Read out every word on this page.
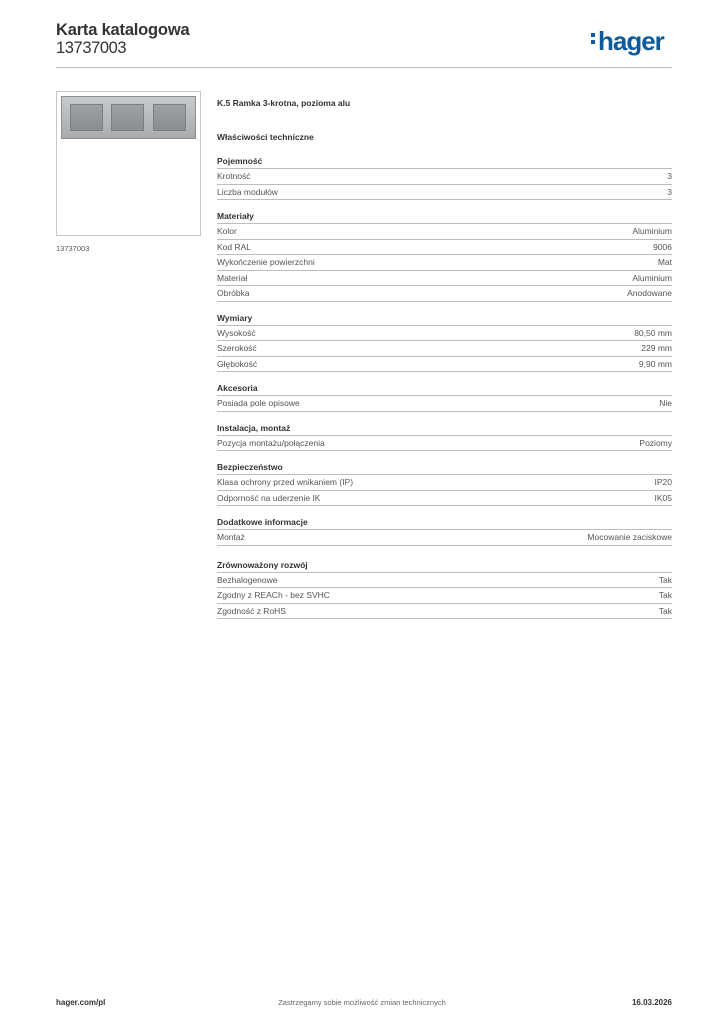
Karta katalogowa
13737003	hager
13737003
K.5 Ramka 3-krotna, pozioma alu
Właściwości techniczne
Pojemność
Krotność	3
Liczba modułów	3
Materiały
Kolor	Aluminium
Kod RAL	9006
Wykończenie powierzchni	Mat
Materiał	Aluminium
Obróbka	Anodowane
Wymiary
Wysokość	80,50 mm
Szerokość	229 mm
Głębokość	9,90 mm
Akcesoria
Posiada pole opisowe	Nie
Instalacja, montaż
Pozycja montażu/połączenia	Poziomy
Bezpieczeństwo
Klasa ochrony przed wnikaniem (IP)	IP20
Odporność na uderzenie IK	IK05
Dodatkowe informacje
Montaż	Mocowanie zaciskowe
Zrównoważony rozwój
Bezhalogenowe	Tak
Zgodny z REACh - bez SVHC	Tak
Zgodność z RoHS	Tak
hager.com/pl	Zastrzegamy sobie możliwość zmian technicznych	16.03.2026
